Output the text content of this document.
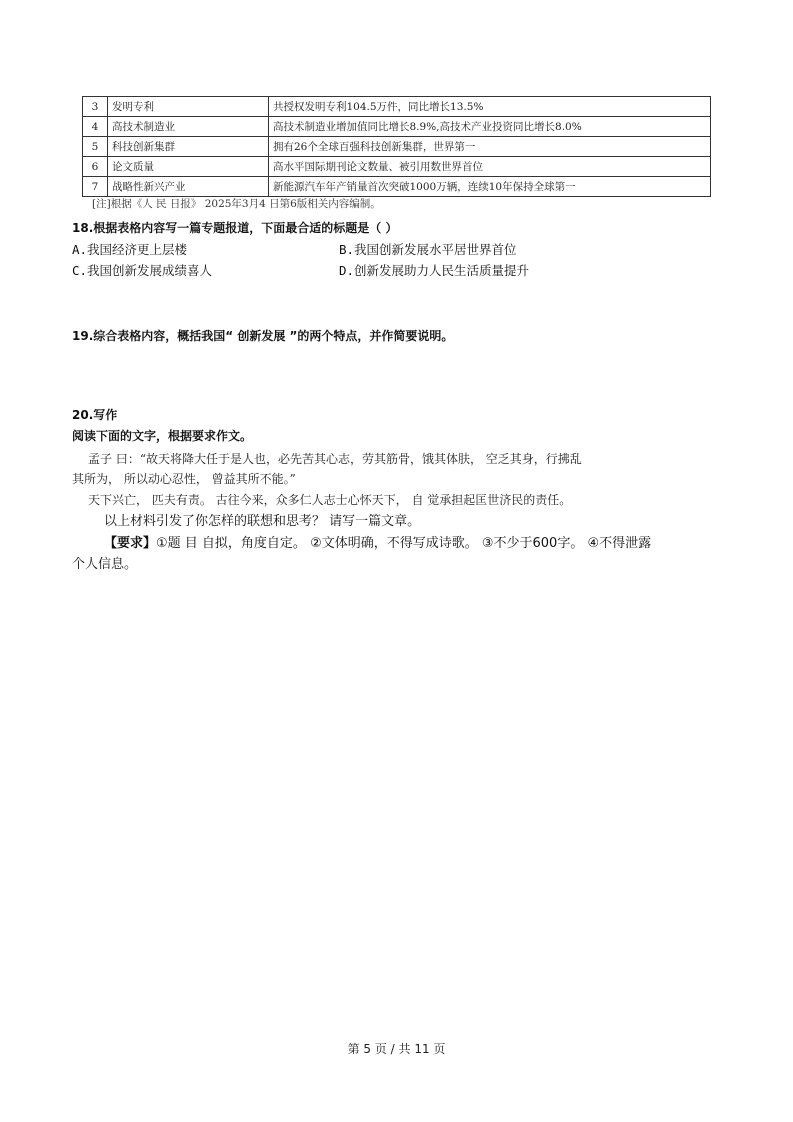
3	发明专利	共授权发明专利104.5万件，同比增长13.5%
4	高技术制造业	高技术制造业增加值同比增长8.9%,高技术产业投资同比增长8.0%
5	科技创新集群	拥有26个全球百强科技创新集群，世界第一
6	论文质量	高水平国际期刊论文数量、被引用数世界首位
7	战略性新兴产业	新能源汽车年产销量首次突破1000万辆，连续10年保持全球第一
[注]根据《人 民 日报》 2025年3月4 日第6版相关内容编制。
18.根据表格内容写一篇专题报道，下面最合适的标题是（ ）
A.我国经济更上层楼	B.我国创新发展水平居世界首位
C.我国创新发展成绩喜人	D.创新发展助力人民生活质量提升
19.综合表格内容，概括我国“ 创新发展 ”的两个特点，并作简要说明。
20.写作
阅读下面的文字，根据要求作文。
孟子 曰：“故天将降大任于是人也，必先苦其心志，劳其筋骨，饿其体肤， 空乏其身，行拂乱
其所为， 所以动心忍性， 曾益其所不能。”
天下兴亡， 匹夫有责。 古往今来，众多仁人志士心怀天下， 自 觉承担起匡世济民的责任。
以上材料引发了你怎样的联想和思考？ 请写一篇文章。
【要求】①题 目 自拟，角度自定。 ②文体明确，不得写成诗歌。 ③不少于600字。 ④不得泄露
个人信息。
第 5 页 / 共 11 页
